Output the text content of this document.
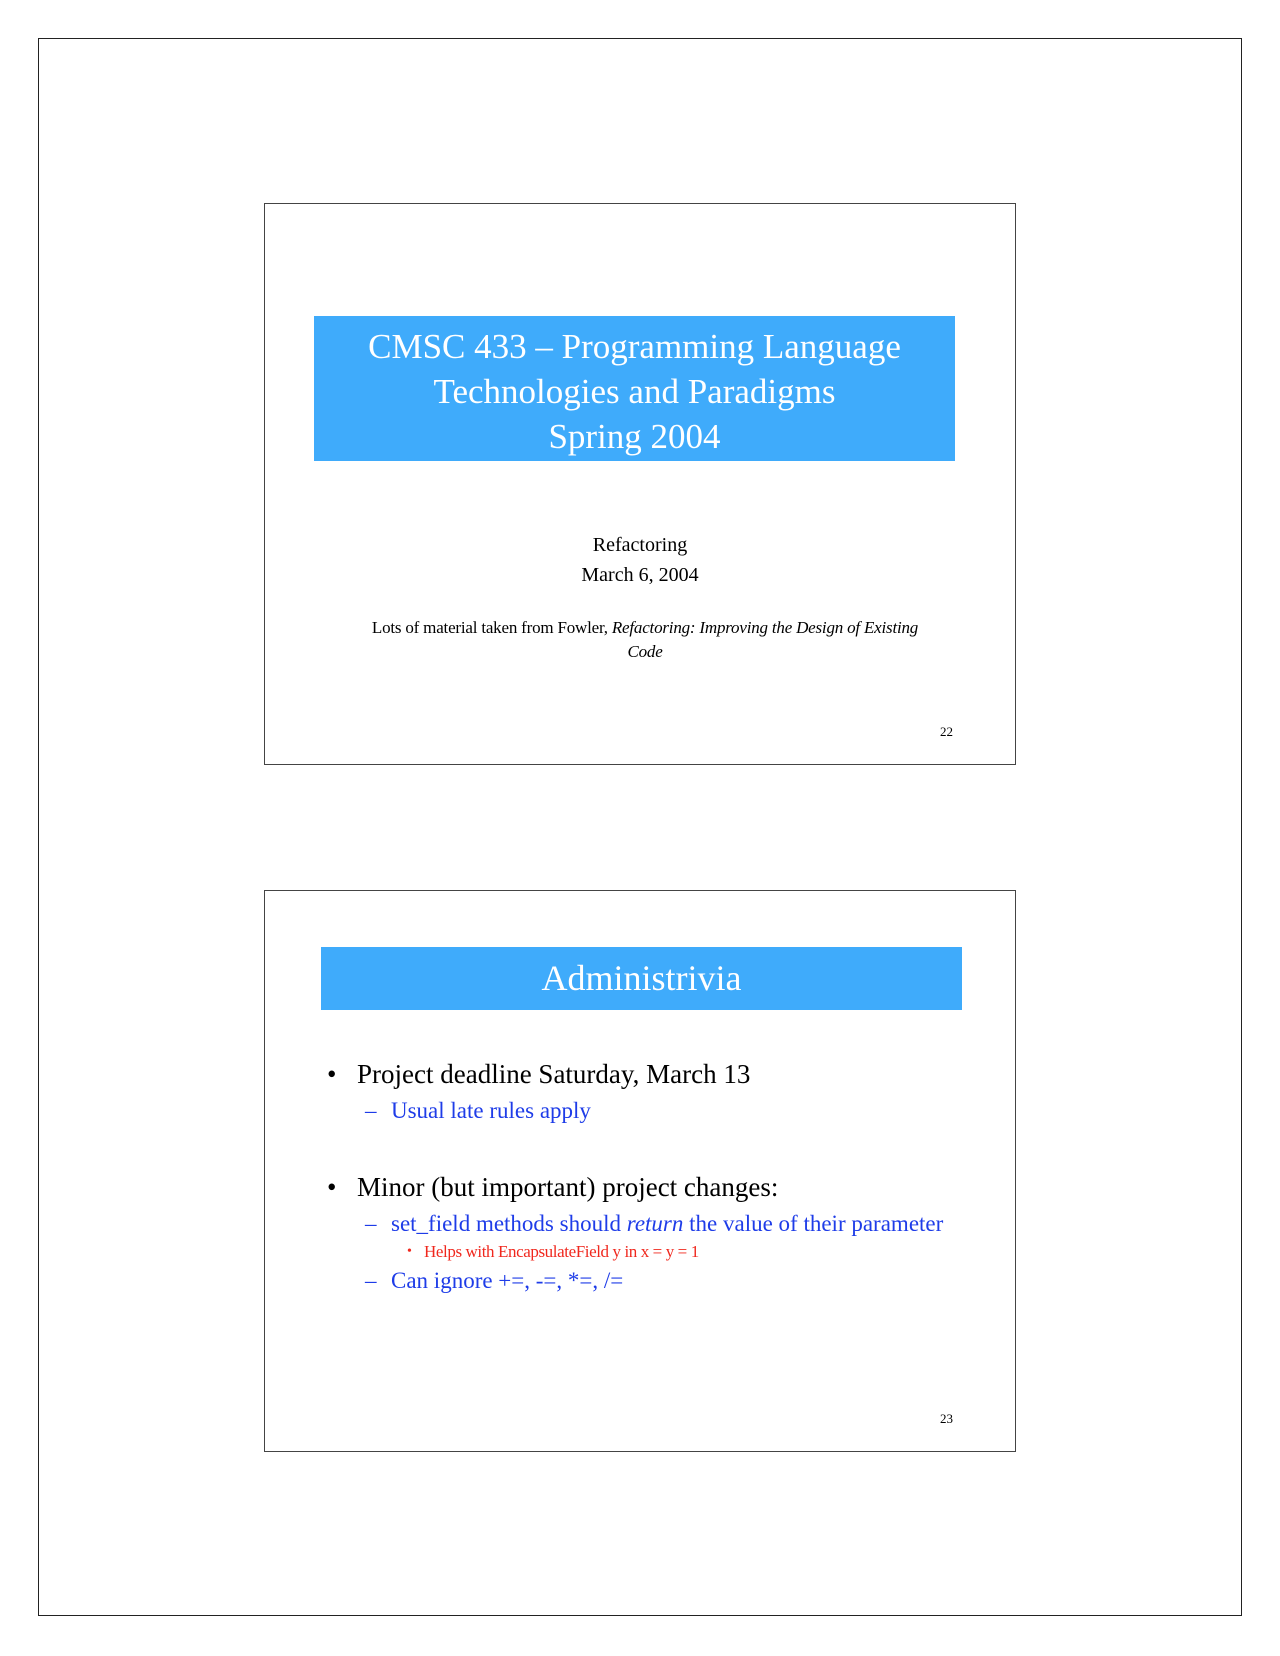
CMSC 433 – Programming Language
Technologies and Paradigms
Spring 2004
Refactoring
March 6, 2004
Lots of material taken from Fowler, Refactoring: Improving the Design of Existing Code
22
Administrivia
• Project deadline Saturday, March 13
– Usual late rules apply
• Minor (but important) project changes:
– set_field methods should return the value of their parameter
• Helps with EncapsulateField y in x = y = 1
– Can ignore +=, -=, *=, /=
23
